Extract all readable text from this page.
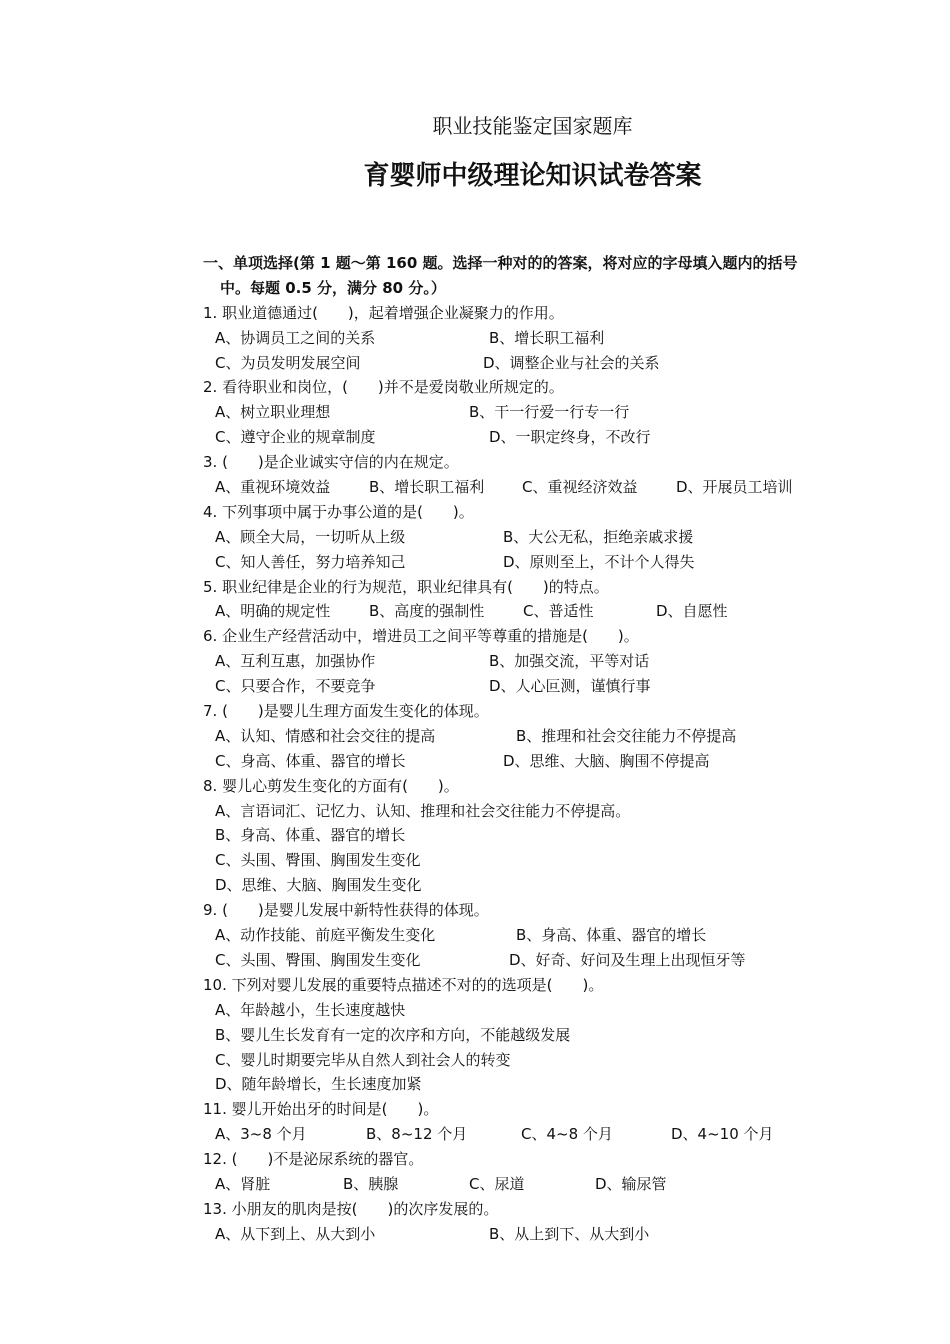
职业技能鉴定国家题库
育婴师中级理论知识试卷答案
一、单项选择(第 1 题～第 160 题。选择一种对的的答案，将对应的字母填入题内的括号
中。每题 0.5 分，满分 80 分。）
1. 职业道德通过(　　)，起着增强企业凝聚力的作用。
A、协调员工之间的关系	B、增长职工福利
C、为员发明发展空间	D、调整企业与社会的关系
2. 看待职业和岗位，(　　)并不是爱岗敬业所规定的。
A、树立职业理想	B、干一行爱一行专一行
C、遵守企业的规章制度	D、一职定终身，不改行
3. (　　)是企业诚实守信的内在规定。
A、重视环境效益	B、增长职工福利	C、重视经济效益	D、开展员工培训
4. 下列事项中属于办事公道的是(　　)。
A、顾全大局，一切听从上级	B、大公无私，拒绝亲戚求援
C、知人善任，努力培养知己	D、原则至上，不计个人得失
5. 职业纪律是企业的行为规范，职业纪律具有(　　)的特点。
A、明确的规定性	B、高度的强制性	C、普适性	D、自愿性
6. 企业生产经营活动中，增进员工之间平等尊重的措施是(　　)。
A、互利互惠，加强协作	B、加强交流，平等对话
C、只要合作，不要竞争	D、人心叵测，谨慎行事
7. (　　)是婴儿生理方面发生变化的体现。
A、认知、情感和社会交往的提高	B、推理和社会交往能力不停提高
C、身高、体重、器官的增长	D、思维、大脑、胸围不停提高
8. 婴儿心剪发生变化的方面有(　　)。
A、言语词汇、记忆力、认知、推理和社会交往能力不停提高。
B、身高、体重、器官的增长
C、头围、臀围、胸围发生变化
D、思维、大脑、胸围发生变化
9. (　　)是婴儿发展中新特性获得的体现。
A、动作技能、前庭平衡发生变化	B、身高、体重、器官的增长
C、头围、臀围、胸围发生变化	D、好奇、好问及生理上出现恒牙等
10. 下列对婴儿发展的重要特点描述不对的的选项是(　　)。
A、年龄越小，生长速度越快
B、婴儿生长发育有一定的次序和方向，不能越级发展
C、婴儿时期要完毕从自然人到社会人的转变
D、随年龄增长，生长速度加紧
11. 婴儿开始出牙的时间是(　　)。
A、3~8 个月	B、8~12 个月	C、4~8 个月	D、4~10 个月
12. (　　)不是泌尿系统的器官。
A、肾脏	B、胰腺	C、尿道	D、输尿管
13. 小朋友的肌肉是按(　　)的次序发展的。
A、从下到上、从大到小	B、从上到下、从大到小
